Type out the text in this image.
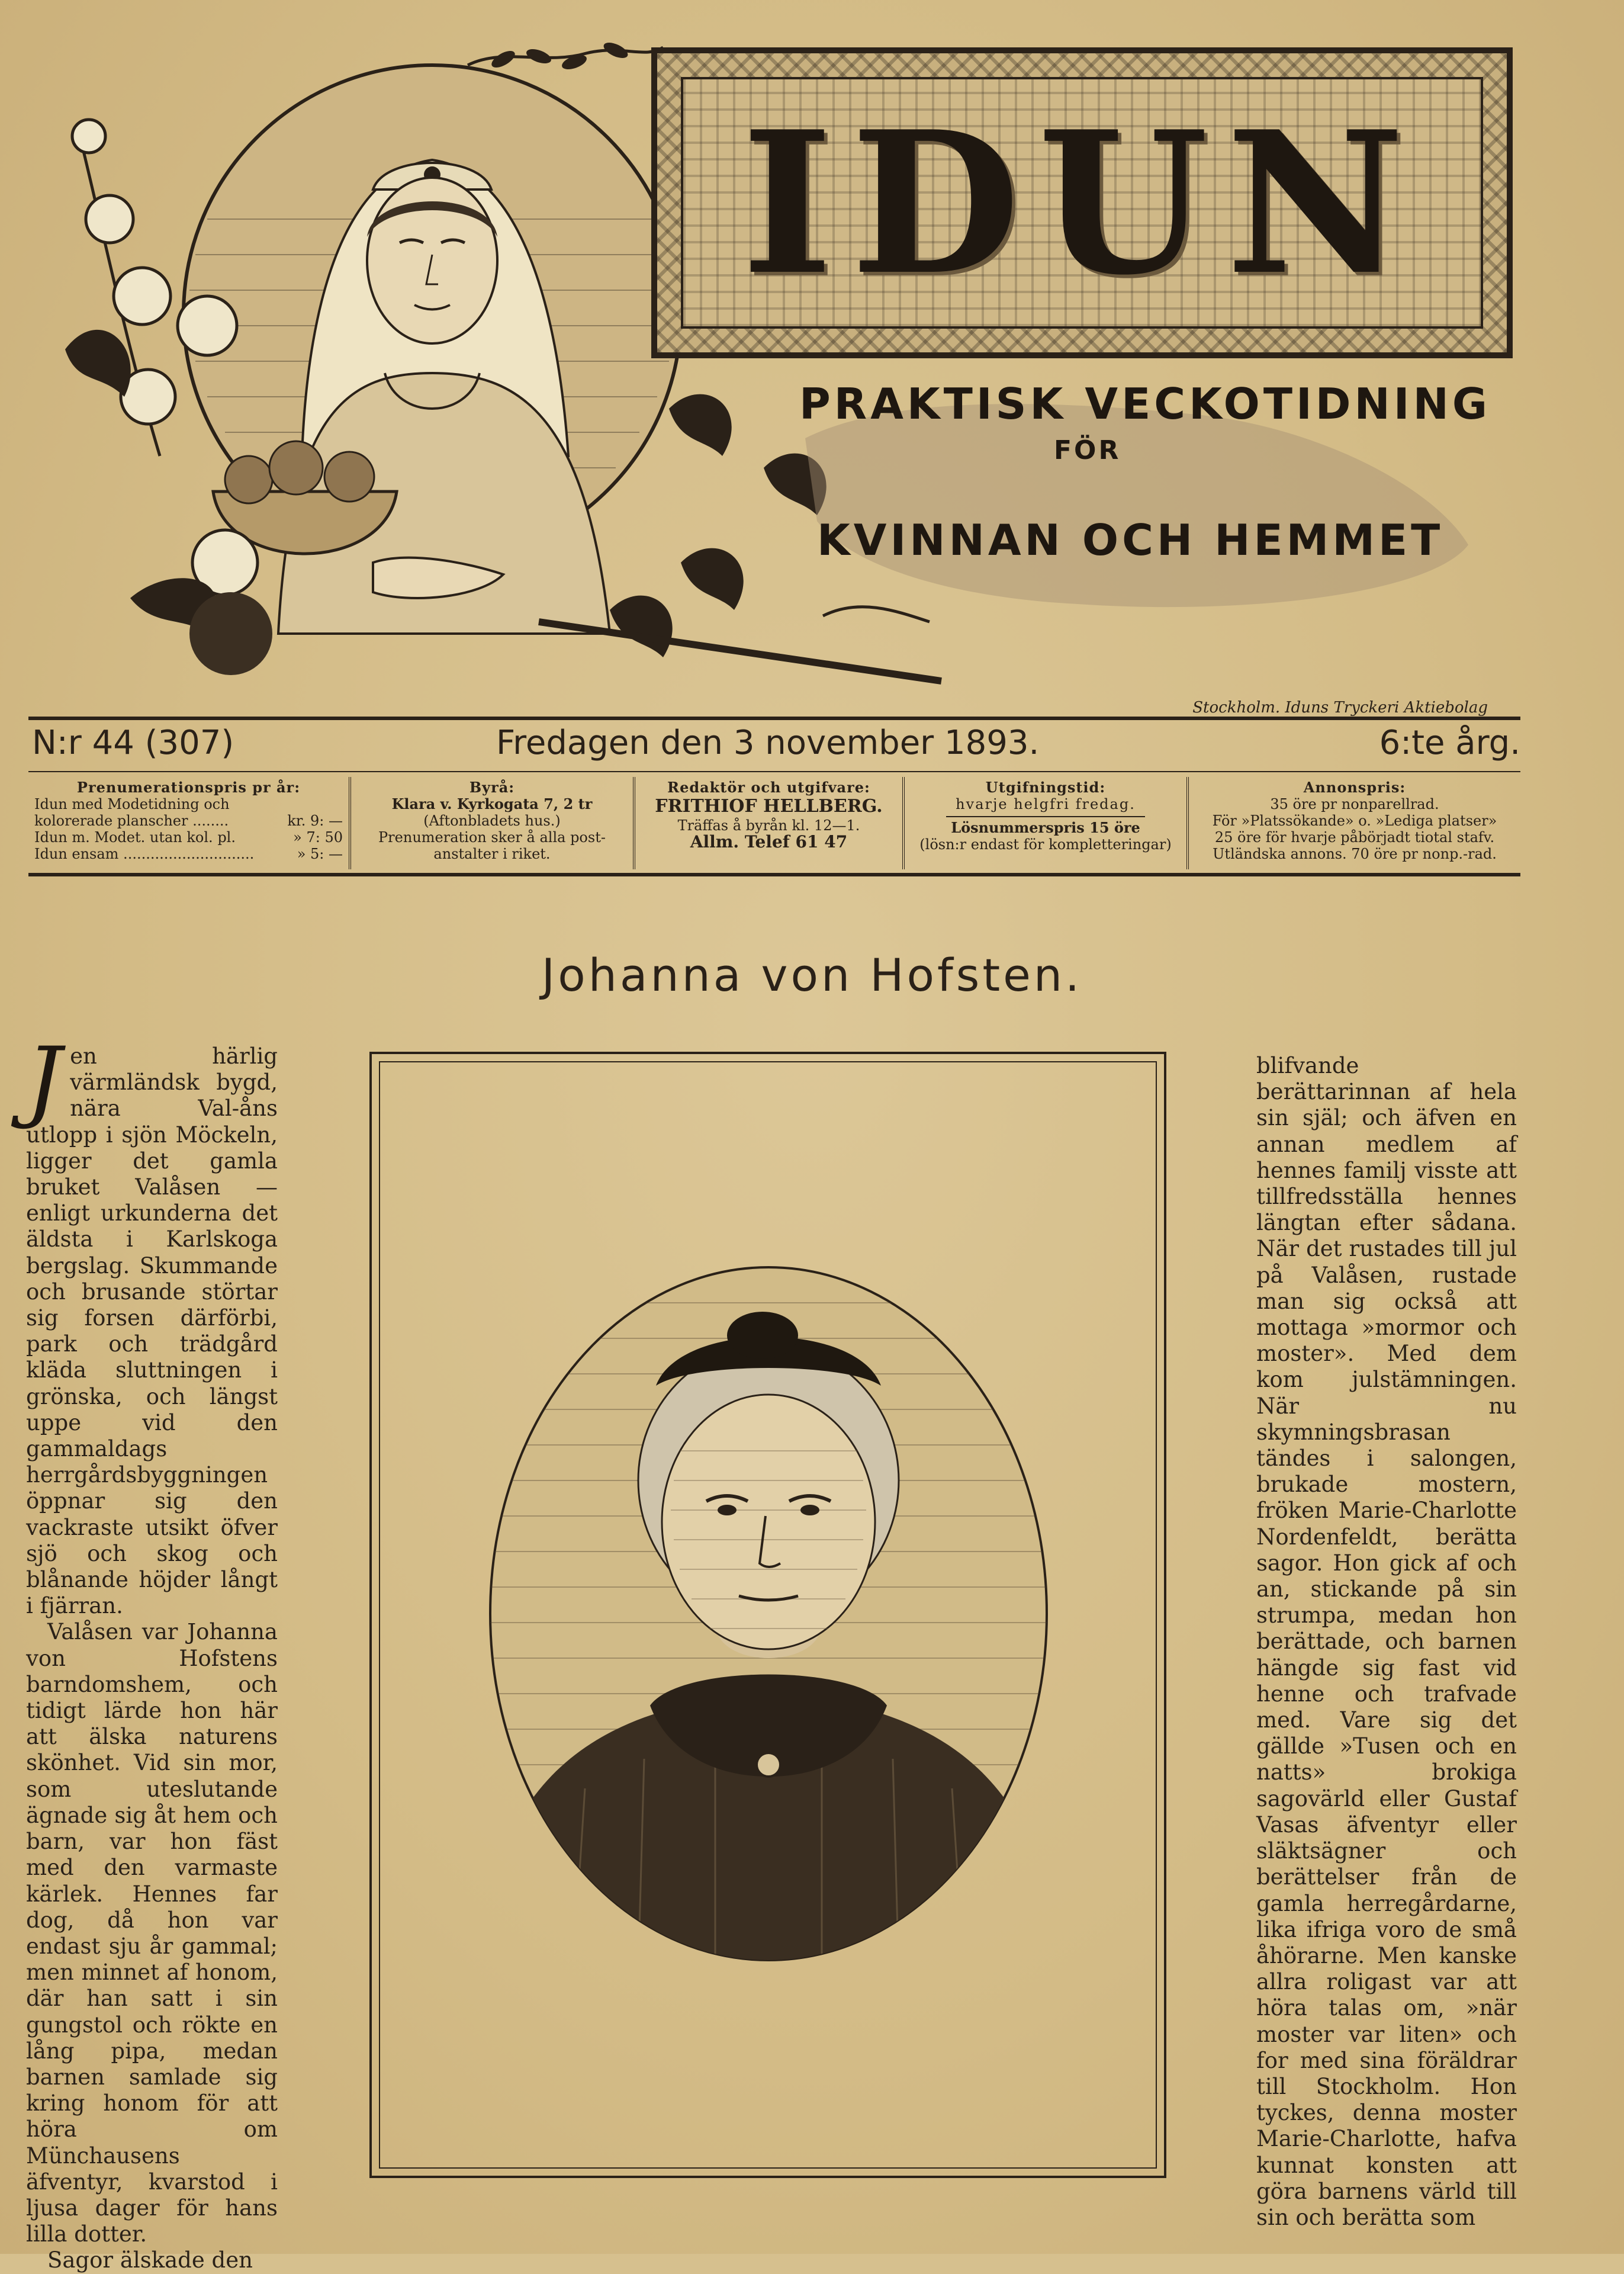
IDUN
PRAKTISK VECKOTIDNING
FÖR
KVINNAN OCH HEMMET
Stockholm. Iduns Tryckeri Aktiebolag
N:r 44 (307)	Fredagen den 3 november 1893.	6:te årg.
Prenumerationspris pr år:
Idun med Modetidning och
kolorerade planscher ........	kr. 9: —
Idun m. Modet. utan kol. pl.	» 7: 50
Idun ensam .............................	» 5: —
Byrå:
Klara v. Kyrkogata 7, 2 tr
(Aftonbladets hus.)
Prenumeration sker å alla post-
anstalter i riket.
Redaktör och utgifvare:
FRITHIOF HELLBERG.
Träffas å byrån kl. 12—1.
Allm. Telef 61 47
Utgifningstid:
hvarje helgfri fredag.
Lösnummerspris 15 öre
(lösn:r endast för kompletteringar)
Annonspris:
35 öre pr nonparellrad.
För »Platssökande» o. »Lediga platser»
25 öre för hvarje påbörjadt tiotal stafv.
Utländska annons. 70 öre pr nonp.-rad.
Johanna von Hofsten.
J en härlig värmländsk bygd, nära Val-åns utlopp i sjön Möckeln, ligger det gamla bruket Valåsen — enligt urkunderna det äldsta i Karlskoga bergslag. Skummande och brusande störtar sig forsen därförbi, park och trädgård kläda sluttningen i grönska, och längst uppe vid den gammaldags herrgårdsbyggningen öppnar sig den vackraste utsikt öfver sjö och skog och blånande höjder långt i fjärran.

Valåsen var Johanna von Hofstens barndomshem, och tidigt lärde hon här att älska naturens skönhet. Vid sin mor, som uteslutande ägnade sig åt hem och barn, var hon fäst med den varmaste kärlek. Hennes far dog, då hon var endast sju år gammal; men minnet af honom, där han satt i sin gungstol och rökte en lång pipa, medan barnen samlade sig kring honom för att höra om Münchausens äfventyr, kvarstod i ljusa dager för hans lilla dotter.

Sagor älskade den

blifvande berättarinnan af hela sin själ; och äfven en annan medlem af hennes familj visste att tillfredsställa hennes längtan efter sådana. När det rustades till jul på Valåsen, rustade man sig också att mottaga »mormor och moster». Med dem kom julstämningen. När nu skymningsbrasan tändes i salongen, brukade mostern, fröken Marie-Charlotte Nordenfeldt, berätta sagor. Hon gick af och an, stickande på sin strumpa, medan hon berättade, och barnen hängde sig fast vid henne och trafvade med. Vare sig det gällde »Tusen och en natts» brokiga sagovärld eller Gustaf Vasas äfventyr eller släktsägner och berättelser från de gamla herregårdarne, lika ifriga voro de små åhörarne. Men kanske allra roligast var att höra talas om, »när moster var liten» och for med sina föräldrar till Stockholm. Hon tyckes, denna moster Marie-Charlotte, hafva kunnat konsten att göra barnens värld till sin och berätta som
